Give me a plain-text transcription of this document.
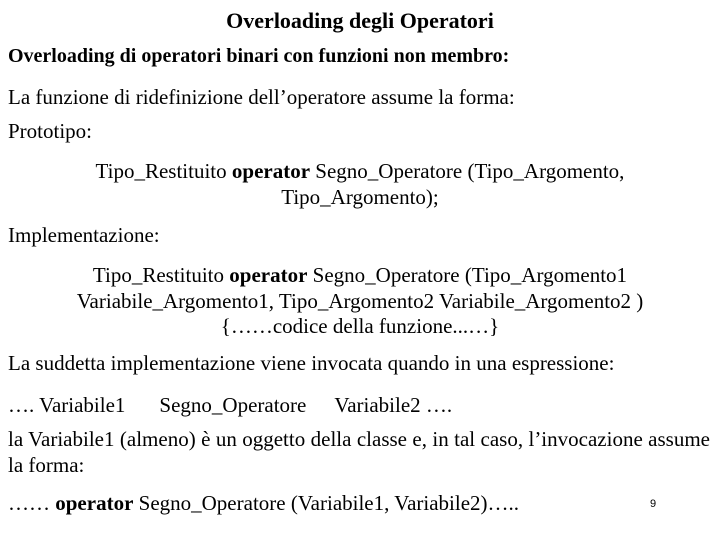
Overloading degli Operatori
Overloading di operatori binari con funzioni non membro:
La funzione di ridefinizione dell’operatore assume la forma:
Prototipo:
Tipo_Restituito operator Segno_Operatore (Tipo_Argomento,
Tipo_Argomento);
Implementazione:
Tipo_Restituito operator Segno_Operatore (Tipo_Argomento1
Variabile_Argomento1, Tipo_Argomento2 Variabile_Argomento2 )
{……codice della funzione...…}
La suddetta implementazione viene invocata quando in una espressione:
…. Variabile1 Segno_Operatore Variabile2 ….
la Variabile1 (almeno) è un oggetto della classe e, in tal caso, l’invocazione assume la forma:
…… operator Segno_Operatore (Variabile1, Variabile2)…..	9
